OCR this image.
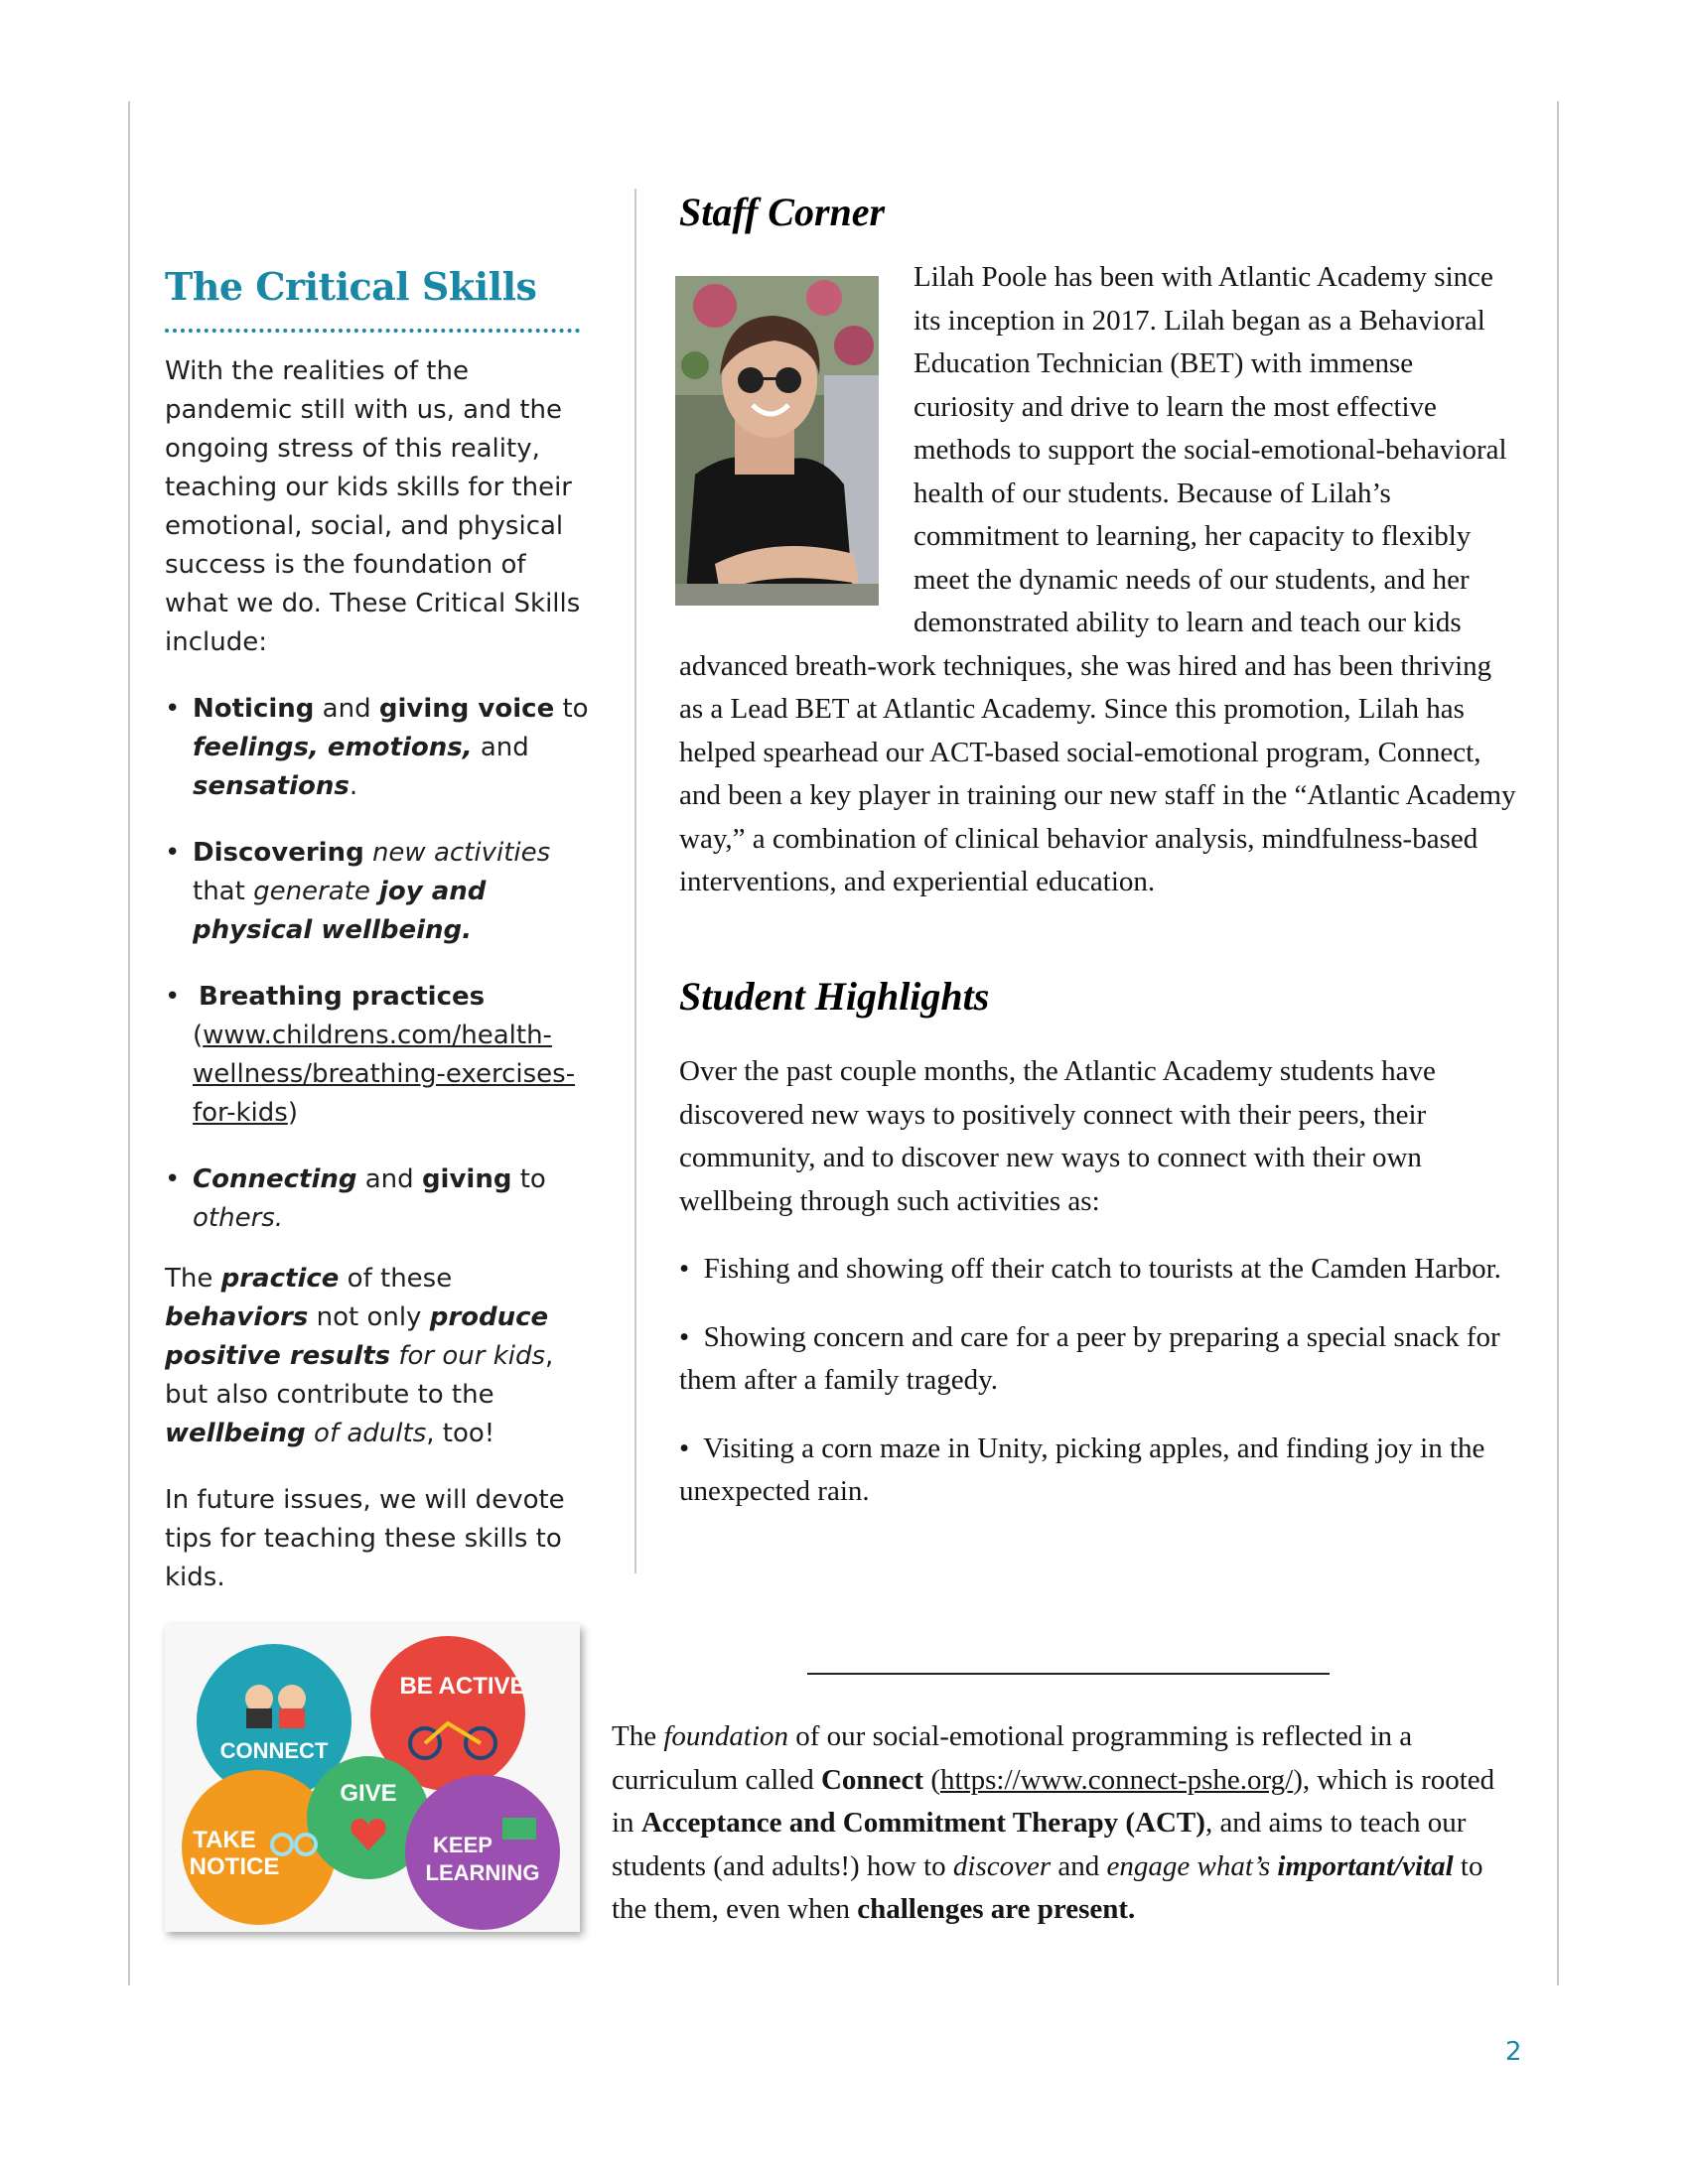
The Critical Skills

With the realities of the pandemic still with us, and the ongoing stress of this reality, teaching our kids skills for their emotional, social, and physical success is the foundation of what we do. These Critical Skills include:

• Noticing and giving voice to feelings, emotions, and sensations.
• Discovering new activities that generate joy and physical wellbeing.
• Breathing practices
(www.childrens.com/health-wellness/breathing-exercises-for-kids)
• Connecting and giving to others.

The practice of these behaviors not only produce positive results for our kids, but also contribute to the wellbeing of adults, too!

In future issues, we will devote tips for teaching these skills to kids.

Staff Corner
Lilah Poole has been with Atlantic Academy since its inception in 2017. Lilah began as a Behavioral Education Technician (BET) with immense curiosity and drive to learn the most effective methods to support the social-emotional-behavioral health of our students. Because of Lilah’s commitment to learning, her capacity to flexibly meet the dynamic needs of our students, and her demonstrated ability to learn and teach our kids advanced breath-work techniques, she was hired and has been thriving as a Lead BET at Atlantic Academy. Since this promotion, Lilah has helped spearhead our ACT-based social-emotional program, Connect, and been a key player in training our new staff in the “Atlantic Academy way,” a combination of clinical behavior analysis, mindfulness-based interventions, and experiential education.
Student Highlights

Over the past couple months, the Atlantic Academy students have discovered new ways to positively connect with their peers, their community, and to discover new ways to connect with their own wellbeing through such activities as:

• Fishing and showing off their catch to tourists at the Camden Harbor.

• Showing concern and care for a peer by preparing a special snack for them after a family tragedy.

• Visiting a corn maze in Unity, picking apples, and finding joy in the unexpected rain.

CONNECT
BE ACTIVE
GIVE
TAKE
NOTICE
KEEP
LEARNING
The foundation of our social-emotional programming is reflected in a curriculum called Connect (https://www.connect-pshe.org/), which is rooted in Acceptance and Commitment Therapy (ACT), and aims to teach our students (and adults!) how to discover and engage what’s important/vital to the them, even when challenges are present.
2
